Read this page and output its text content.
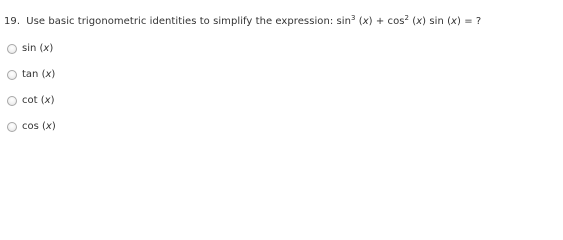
19. Use basic trigonometric identities to simplify the expression: $\sin^3 (x) + \cos^2 (x)$ sin (x) = ?

sin (x)
tan (x)
cot (x)
cos (x)
